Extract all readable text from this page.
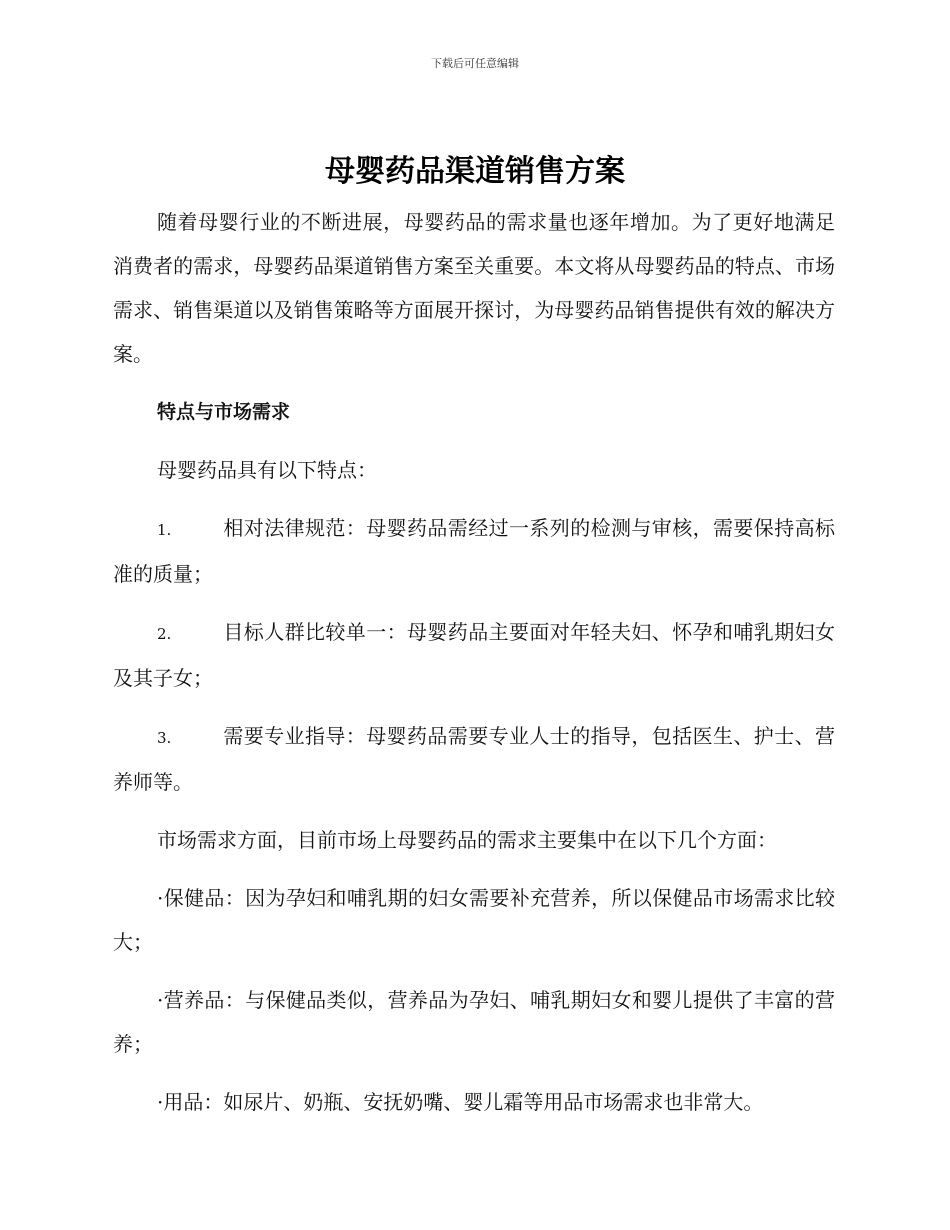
下载后可任意编辑
母婴药品渠道销售方案

随着母婴行业的不断进展，母婴药品的需求量也逐年增加。为了更好地满足消费者的需求，母婴药品渠道销售方案至关重要。本文将从母婴药品的特点、市场需求、销售渠道以及销售策略等方面展开探讨，为母婴药品销售提供有效的解决方案。

特点与市场需求

母婴药品具有以下特点：

1.	相对法律规范：母婴药品需经过一系列的检测与审核，需要保持高标准的质量；

2.	目标人群比较单一：母婴药品主要面对年轻夫妇、怀孕和哺乳期妇女及其子女；

3.	需要专业指导：母婴药品需要专业人士的指导，包括医生、护士、营养师等。

市场需求方面，目前市场上母婴药品的需求主要集中在以下几个方面：

·保健品：因为孕妇和哺乳期的妇女需要补充营养，所以保健品市场需求比较大；

·营养品：与保健品类似，营养品为孕妇、哺乳期妇女和婴儿提供了丰富的营养；

·用品：如尿片、奶瓶、安抚奶嘴、婴儿霜等用品市场需求也非常大。
